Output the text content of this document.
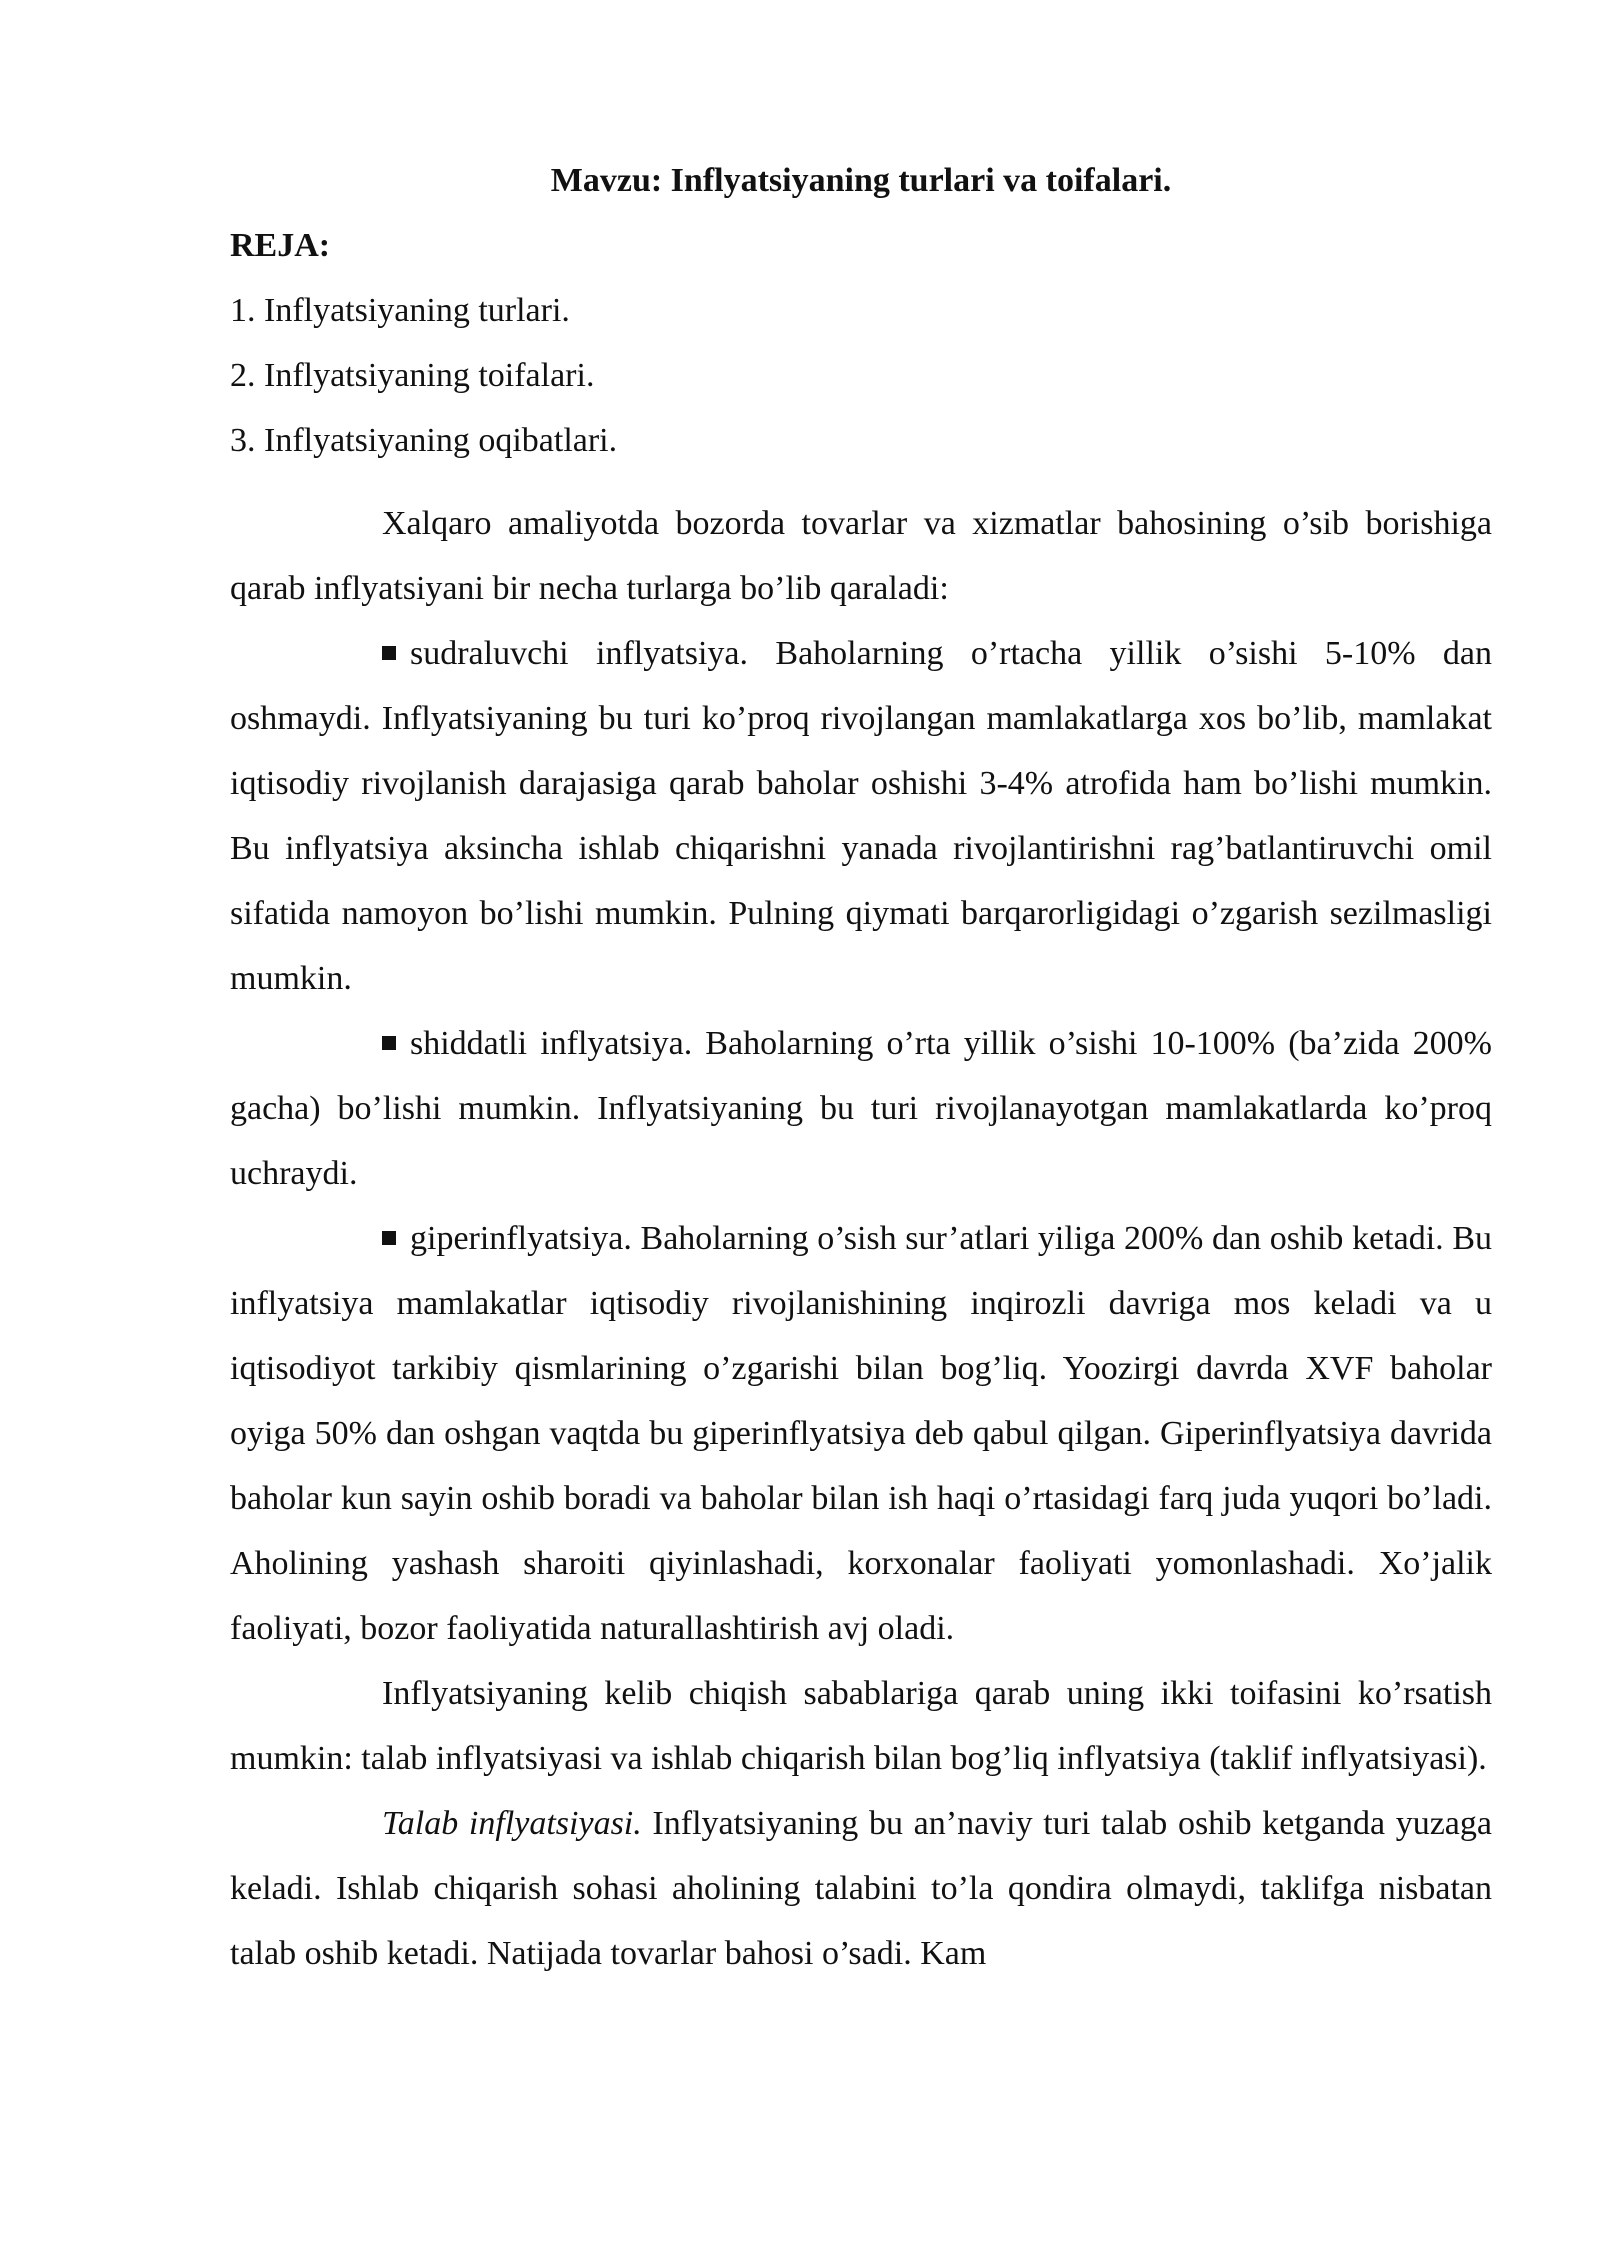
Mavzu: Inflyatsiyaning turlari va toifalari.

REJA:

1. Inflyatsiyaning turlari.
2. Inflyatsiyaning toifalari.
3. Inflyatsiyaning oqibatlari.

Xalqaro amaliyotda bozorda tovarlar va xizmatlar bahosining o’sib borishiga qarab inflyatsiyani bir necha turlarga bo’lib qaraladi:

sudraluvchi inflyatsiya. Baholarning o’rtacha yillik o’sishi 5-10% dan oshmaydi. Inflyatsiyaning bu turi ko’proq rivojlangan mamlakatlarga xos bo’lib, mamlakat iqtisodiy rivojlanish darajasiga qarab baholar oshishi 3-4% atrofida ham bo’lishi mumkin. Bu inflyatsiya aksincha ishlab chiqarishni yanada rivojlantirishni rag’batlantiruvchi omil sifatida namoyon bo’lishi mumkin. Pulning qiymati barqarorligidagi o’zgarish sezilmasligi mumkin.

shiddatli inflyatsiya. Baholarning o’rta yillik o’sishi 10-100% (ba’zida 200% gacha) bo’lishi mumkin. Inflyatsiyaning bu turi rivojlanayotgan mamlakatlarda ko’proq uchraydi.

giperinflyatsiya. Baholarning o’sish sur’atlari yiliga 200% dan oshib ketadi. Bu inflyatsiya mamlakatlar iqtisodiy rivojlanishining inqirozli davriga mos keladi va u iqtisodiyot tarkibiy qismlarining o’zgarishi bilan bog’liq. Yoozirgi davrda XVF baholar oyiga 50% dan oshgan vaqtda bu giperinflyatsiya deb qabul qilgan. Giperinflyatsiya davrida baholar kun sayin oshib boradi va baholar bilan ish haqi o’rtasidagi farq juda yuqori bo’ladi. Aholining yashash sharoiti qiyinlashadi, korxonalar faoliyati yomonlashadi. Xo’jalik faoliyati, bozor faoliyatida naturallashtirish avj oladi.

Inflyatsiyaning kelib chiqish sabablariga qarab uning ikki toifasini ko’rsatish mumkin: talab inflyatsiyasi va ishlab chiqarish bilan bog’liq inflyatsiya (taklif inflyatsiyasi).

Talab inflyatsiyasi. Inflyatsiyaning bu an’naviy turi talab oshib ketganda yuzaga keladi. Ishlab chiqarish sohasi aholining talabini to’la qondira olmaydi, taklifga nisbatan talab oshib ketadi. Natijada tovarlar bahosi o’sadi. Kam
